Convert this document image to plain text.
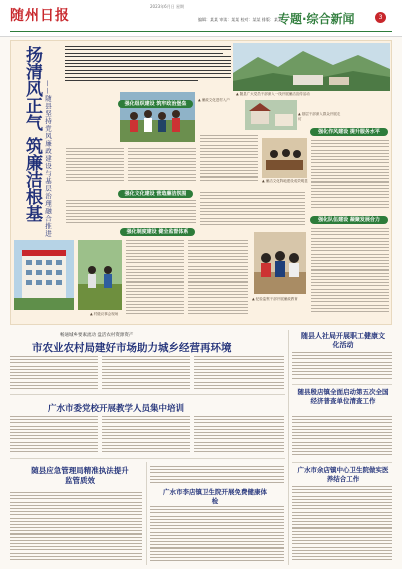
随州日报
2023年6月日 星期
编辑：某某 审读：某某 校对：某某 排版：某某
专题·综合新闻	3
扬清风正气 筑廉洁根基 ——随县坚持党风廉政建设与基层治理融合推进	▲ 随县广大党员干部深入一线开展廉洁宣传活动
▲ 廉政文化进村入户
▲ 基层干部深入群众开展走访
强化组织建设 筑牢政治堡垒
强化作风建设 提升服务水平
强化文化建设 营造廉洁氛围
强化制度建设 健全监督体系
强化队伍建设 凝聚发展合力
▲ 廉洁文化阵地建设成效明显
▲ 纪检监察干部开展廉政教育
▲ 村级议事会现场
畅通城乡要素流动 盘活农村资源资产
市农业农村局建好市场助力城乡经营再环境
随县人社局开展职工健康文化活动
广水市委党校开展教学人员集中培训
随县殷店镇全面启动第五次全国经济普查单位清查工作
随县应急管理局精准执法提升监管质效
广水市李店镇卫生院开展免费健康体检
广水市余店镇中心卫生院做实医养结合工作
